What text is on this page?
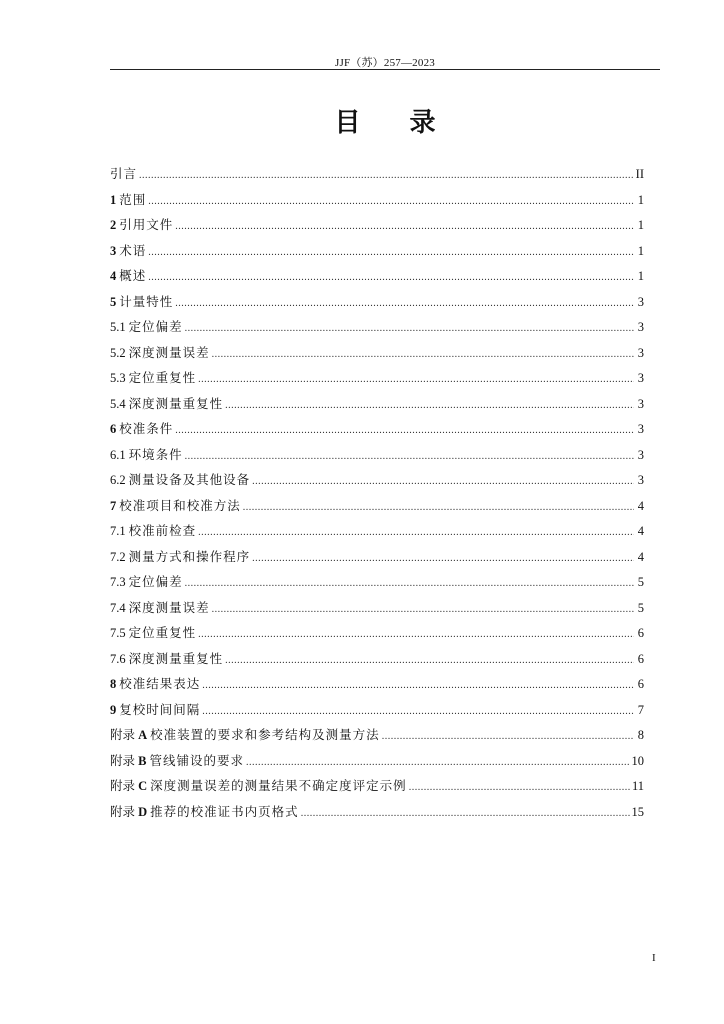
JJF（苏）257—2023
目 录
引言 .....	II
1 范围 .....	1
2 引用文件 .....	1
3 术语 .....	1
4 概述 .....	1
5 计量特性 .....	3
5.1 定位偏差 .....	3
5.2 深度测量误差 .....	3
5.3 定位重复性 .....	3
5.4 深度测量重复性 .....	3
6 校准条件 .....	3
6.1 环境条件 .....	3
6.2 测量设备及其他设备 .....	3
7 校准项目和校准方法 .....	4
7.1 校准前检查 .....	4
7.2 测量方式和操作程序 .....	4
7.3 定位偏差 .....	5
7.4 深度测量误差 .....	5
7.5 定位重复性 .....	6
7.6 深度测量重复性 .....	6
8 校准结果表达 .....	6
9 复校时间间隔 .....	7
附录 A 校准装置的要求和参考结构及测量方法 .....	8
附录 B 管线铺设的要求 .....	10
附录 C 深度测量误差的测量结果不确定度评定示例 .....	11
附录 D 推荐的校准证书内页格式 .....	15
I
